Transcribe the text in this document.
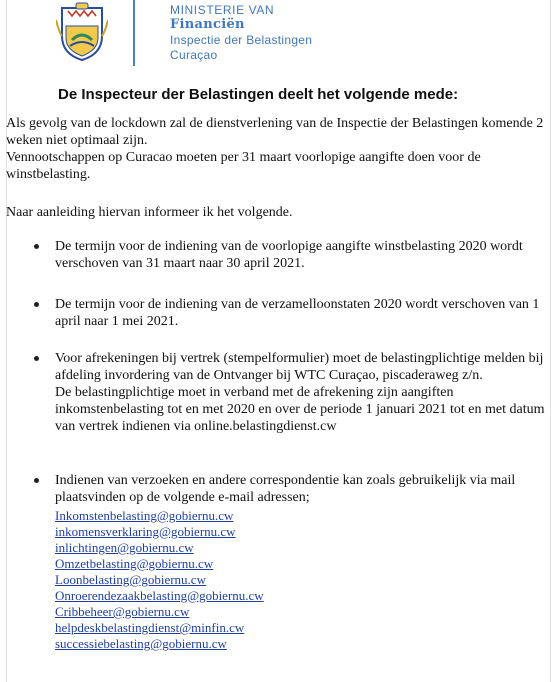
MINISTERIE VAN
Financiën
Inspectie der Belastingen
Curaçao
De Inspecteur der Belastingen deelt het volgende mede:
Als gevolg van de lockdown zal de dienstverlening van de Inspectie der Belastingen komende 2 weken niet optimaal zijn.
Vennootschappen op Curacao moeten per 31 maart voorlopige aangifte doen voor de winstbelasting.
Naar aanleiding hiervan informeer ik het volgende.
De termijn voor de indiening van de voorlopige aangifte winstbelasting 2020 wordt verschoven van 31 maart naar 30 april 2021.
De termijn voor de indiening van de verzamelloonstaten 2020 wordt verschoven van 1 april naar 1 mei 2021.

Voor afrekeningen bij vertrek (stempelformulier) moet de belastingplichtige melden bij afdeling invordering van de Ontvanger bij WTC Curaçao, piscaderaweg z/n.

De belastingplichtige moet in verband met de afrekening zijn aangiften inkomstenbelasting tot en met 2020 en over de periode 1 januari 2021 tot en met datum van vertrek indienen via online.belastingdienst.cw

Indienen van verzoeken en andere correspondentie kan zoals gebruikelijk via mail plaatsvinden op de volgende e-mail adressen;

Inkomstenbelasting@gobiernu.cw
inkomensverklaring@gobiernu.cw
inlichtingen@gobiernu.cw
Omzetbelasting@gobiernu.cw
Loonbelasting@gobiernu.cw
Onroerendezaakbelasting@gobiernu.cw
Cribbeheer@gobiernu.cw
helpdeskbelastingdienst@minfin.cw
successiebelasting@gobiernu.cw
